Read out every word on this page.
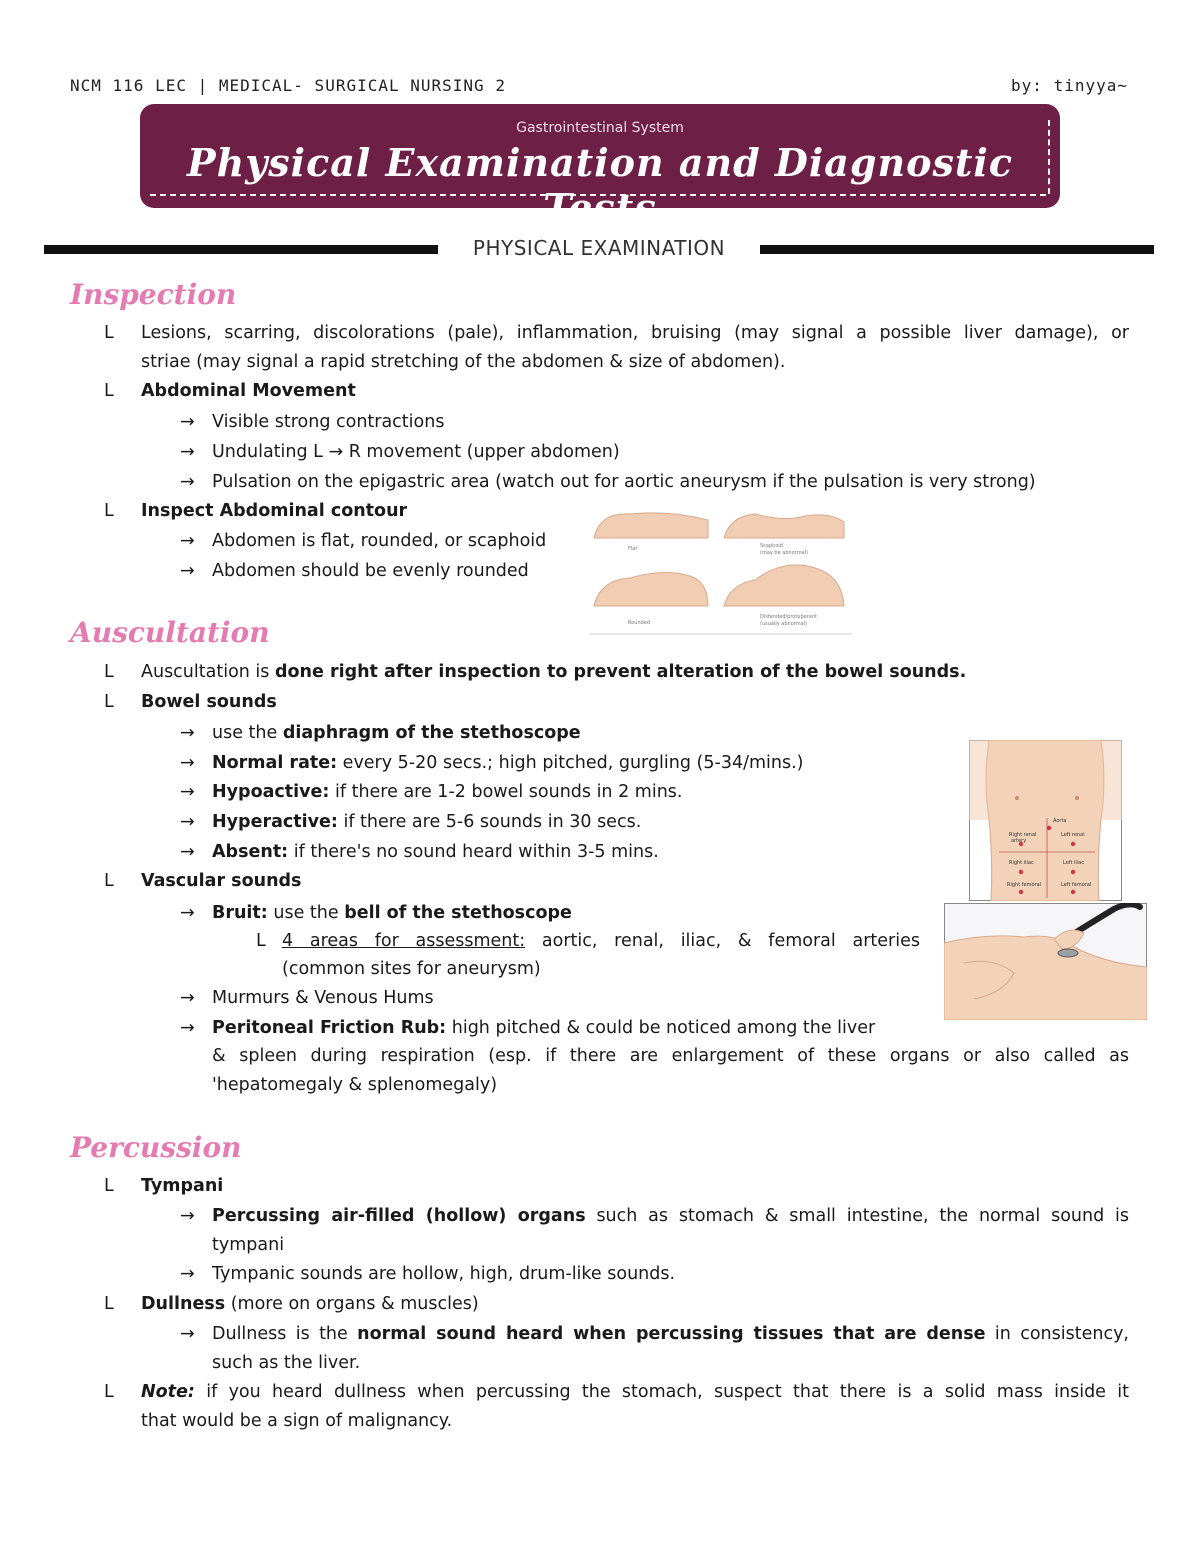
NCM 116 LEC | MEDICAL- SURGICAL NURSING 2	by: tinyya~
Gastrointestinal System
Physical Examination and Diagnostic Tests
PHYSICAL EXAMINATION
Inspection
L Lesions, scarring, discolorations (pale), inflammation, bruising (may signal a possible liver damage), or
striae (may signal a rapid stretching of the abdomen & size of abdomen).
L Abdominal Movement
→ Visible strong contractions
→ Undulating L → R movement (upper abdomen)
→ Pulsation on the epigastric area (watch out for aortic aneurysm if the pulsation is very strong)
L Inspect Abdominal contour
→ Abdomen is flat, rounded, or scaphoid
→ Abdomen should be evenly rounded
Flat	Scaphoid
(may be abnormal)
Rounded
Distended/protuberant
(usually abnormal)
Auscultation
L Auscultation is done right after inspection to prevent alteration of the bowel sounds.
L Bowel sounds
→ use the diaphragm of the stethoscope
→ Normal rate: every 5-20 secs.; high pitched, gurgling (5-34/mins.)
→ Hypoactive: if there are 1-2 bowel sounds in 2 mins.
→ Hyperactive: if there are 5-6 sounds in 30 secs.
→ Absent: if there's no sound heard within 3-5 mins.
L Vascular sounds
→ Bruit: use the bell of the stethoscope
L 4 areas for assessment: aortic, renal, iliac, & femoral arteries
(common sites for aneurysm)
→ Murmurs & Venous Hums
→ Peritoneal Friction Rub: high pitched & could be noticed among the liver
& spleen during respiration (esp. if there are enlargement of these organs or also called as
'hepatomegaly & splenomegaly)
Aorta
Right renal	Left renal
artery
Right iliac	Left iliac
Right femoral	Left femoral
Percussion
L Tympani
→ Percussing air-filled (hollow) organs such as stomach & small intestine, the normal sound is
tympani
→ Tympanic sounds are hollow, high, drum-like sounds.
L Dullness (more on organs & muscles)
→ Dullness is the normal sound heard when percussing tissues that are dense in consistency,
such as the liver.
L Note: if you heard dullness when percussing the stomach, suspect that there is a solid mass inside it
that would be a sign of malignancy.
